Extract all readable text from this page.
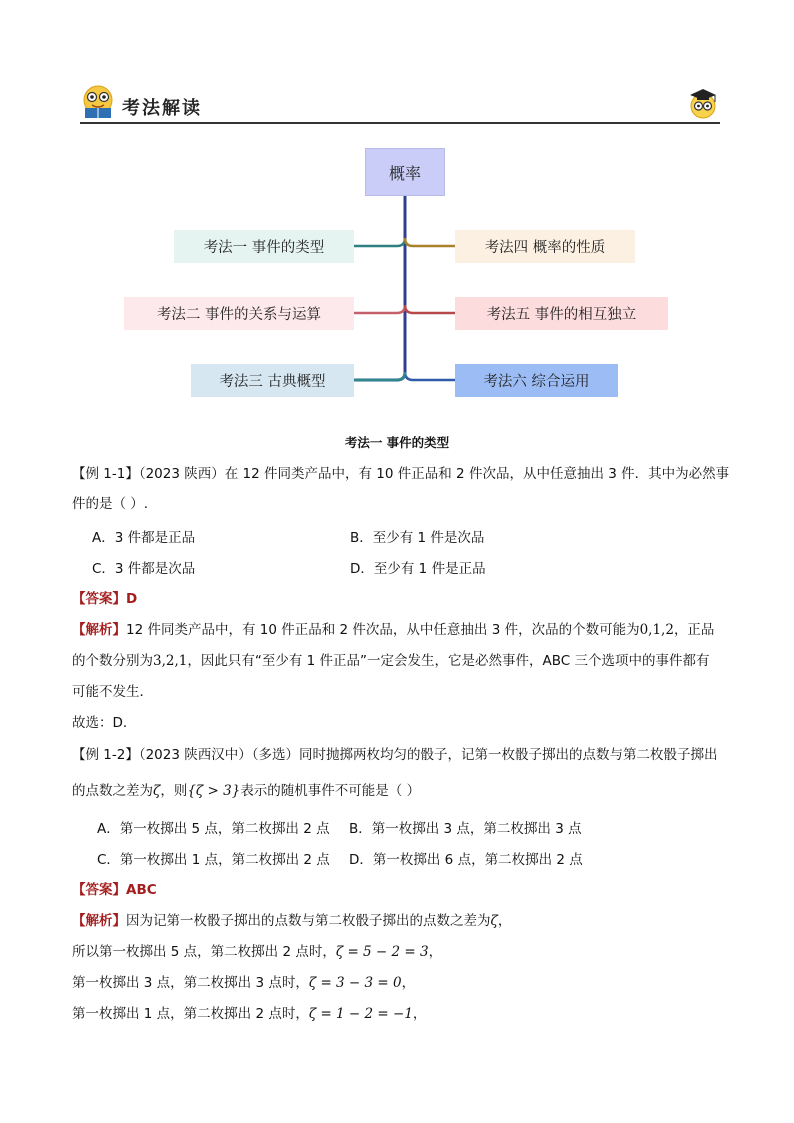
考法解读
概率
考法一 事件的类型
考法二 事件的关系与运算
考法三 古典概型
考法四 概率的性质
考法五 事件的相互独立
考法六 综合运用
考法一 事件的类型
【例 1-1】（2023 陕西）在 12 件同类产品中，有 10 件正品和 2 件次品，从中任意抽出 3 件．其中为必然事
件的是（ ）.
A．3 件都是正品	B．至少有 1 件是次品
C．3 件都是次品	D．至少有 1 件是正品
【答案】D
【解析】12 件同类产品中，有 10 件正品和 2 件次品，从中任意抽出 3 件，次品的个数可能为0,1,2，正品
的个数分别为3,2,1，因此只有“至少有 1 件正品”一定会发生，它是必然事件，ABC 三个选项中的事件都有
可能不发生．
故选：D．
【例 1-2】（2023 陕西汉中）（多选）同时抛掷两枚均匀的骰子，记第一枚骰子掷出的点数与第二枚骰子掷出
的点数之差为ζ，则{ζ > 3}表示的随机事件不可能是（ ）
A．第一枚掷出 5 点，第二枚掷出 2 点 B．第一枚掷出 3 点，第二枚掷出 3 点
C．第一枚掷出 1 点，第二枚掷出 2 点 D．第一枚掷出 6 点，第二枚掷出 2 点
【答案】ABC
【解析】因为记第一枚骰子掷出的点数与第二枚骰子掷出的点数之差为ζ，
所以第一枚掷出 5 点，第二枚掷出 2 点时，ζ = 5 − 2 = 3，
第一枚掷出 3 点，第二枚掷出 3 点时，ζ = 3 − 3 = 0，
第一枚掷出 1 点，第二枚掷出 2 点时，ζ = 1 − 2 = −1，
